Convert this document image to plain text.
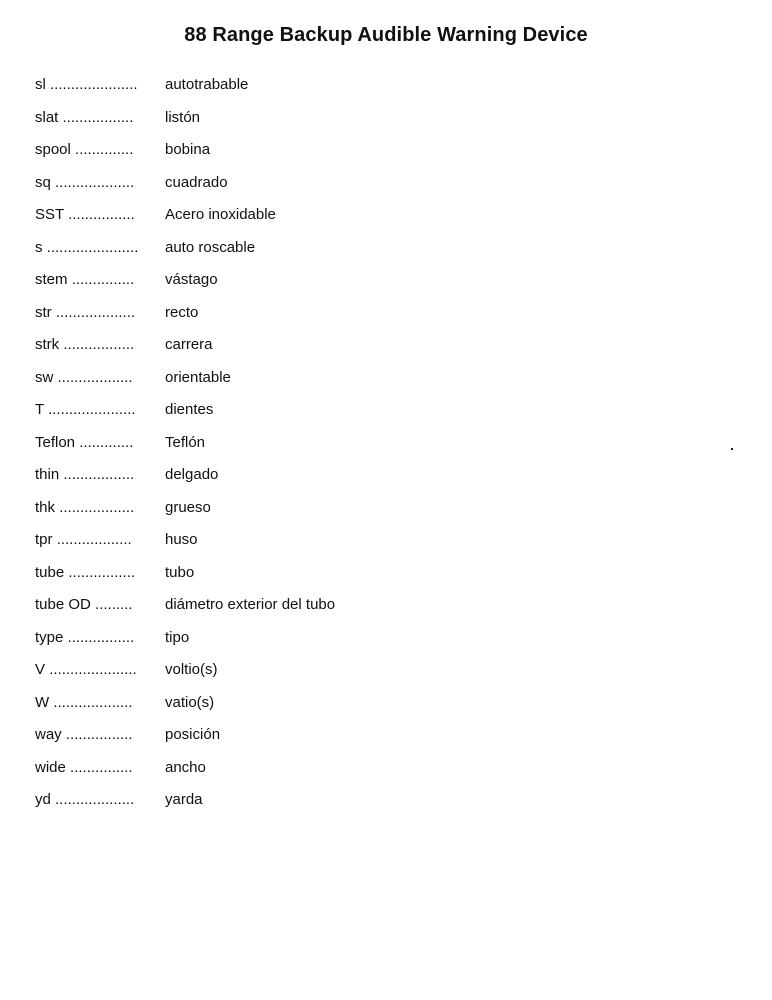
88 Range Backup Audible Warning Device
sl .....................	autotrabable
slat .................	listón
spool ..............	bobina
sq ...................	cuadrado
SST ................	Acero inoxidable
s ......................	auto roscable
stem ...............	vástago
str ...................	recto
strk .................	carrera
sw ..................	orientable
T .....................	dientes
Teflon .............	Teflón
thin .................	delgado
thk ..................	grueso
tpr ..................	huso
tube ................	tubo
tube OD .........	diámetro exterior del tubo
type ................	tipo
V .....................	voltio(s)
W ...................	vatio(s)
way ................	posición
wide ...............	ancho
yd ...................	yarda
